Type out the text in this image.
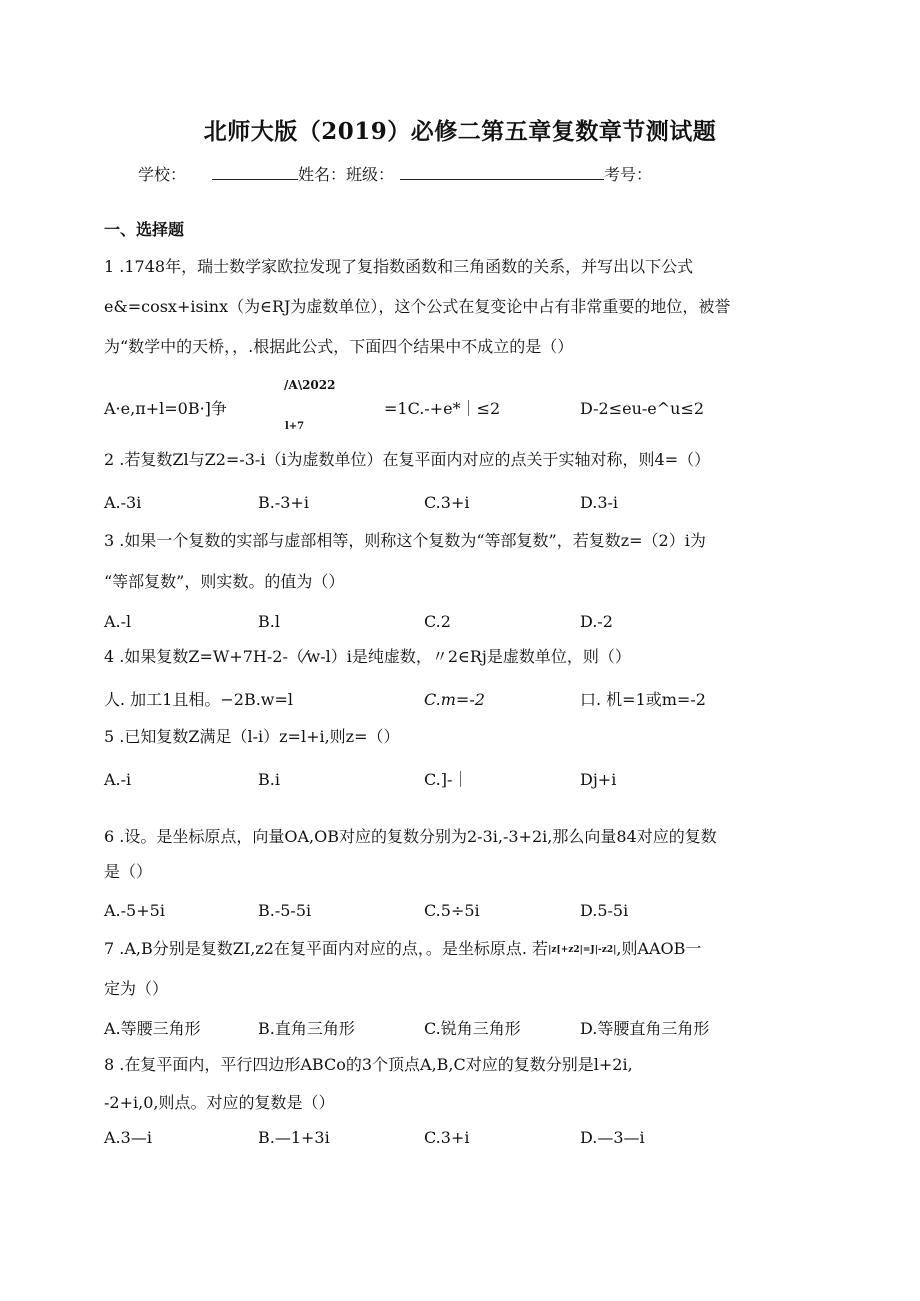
北师大版（2019）必修二第五章复数章节测试题
学校：	姓名：班级：	考号：
一、选择题
1 .1748年，瑞士数学家欧拉发现了复指数函数和三角函数的关系，并写出以下公式
e&=cosx+isinx（为∈RJ为虚数单位），这个公式在复变论中占有非常重要的地位，被誉
为“数学中的天桥，，.根据此公式，下面四个结果中不成立的是（）
/A\2022
A·e,π+l=0B·]争
l+7
=1C.-+e*｜≤2	D-2≤eu-e^u≤2
2 .若复数Zl与Z2=-3-i（i为虚数单位）在复平面内对应的点关于实轴对称，则4=（）
A.-3i	B.-3+i	C.3+i	D.3-i
3 .如果一个复数的实部与虚部相等，则称这个复数为“等部复数”，若复数z=（2）i为
“等部复数”，则实数。的值为（）
A.-l	B.l	C.2	D.-2
4 .如果复数Z=W+7H-2-（⁄w-l）i是纯虚数，〃2∈Rj是虚数单位，则（）
人. 加工1且相。−2B.w=l	C.m=-2	口. 机=1或m=-2
5 .已知复数Z满足（l-i）z=l+i,则z=（）
A.-i	B.i	C.]-｜	Dj+i
6 .设。是坐标原点，向量OA,OB对应的复数分别为2-3i,-3+2i,那么向量84对应的复数
是（）
A.-5+5i	B.-5-5i	C.5÷5i	D.5-5i
7 .A,B分别是复数ZI,z2在复平面内对应的点，。是坐标原点. 若|z[+z2|=J|-z2|,则AAOB一
定为（）
A.等腰三角形	B.直角三角形	C.锐角三角形	D.等腰直角三角形
8 .在复平面内，平行四边形ABCo的3个顶点A,B,C对应的复数分别是l+2i,
-2+i,0,则点。对应的复数是（）
A.3—i	B.—1+3i	C.3+i	D.—3—i
